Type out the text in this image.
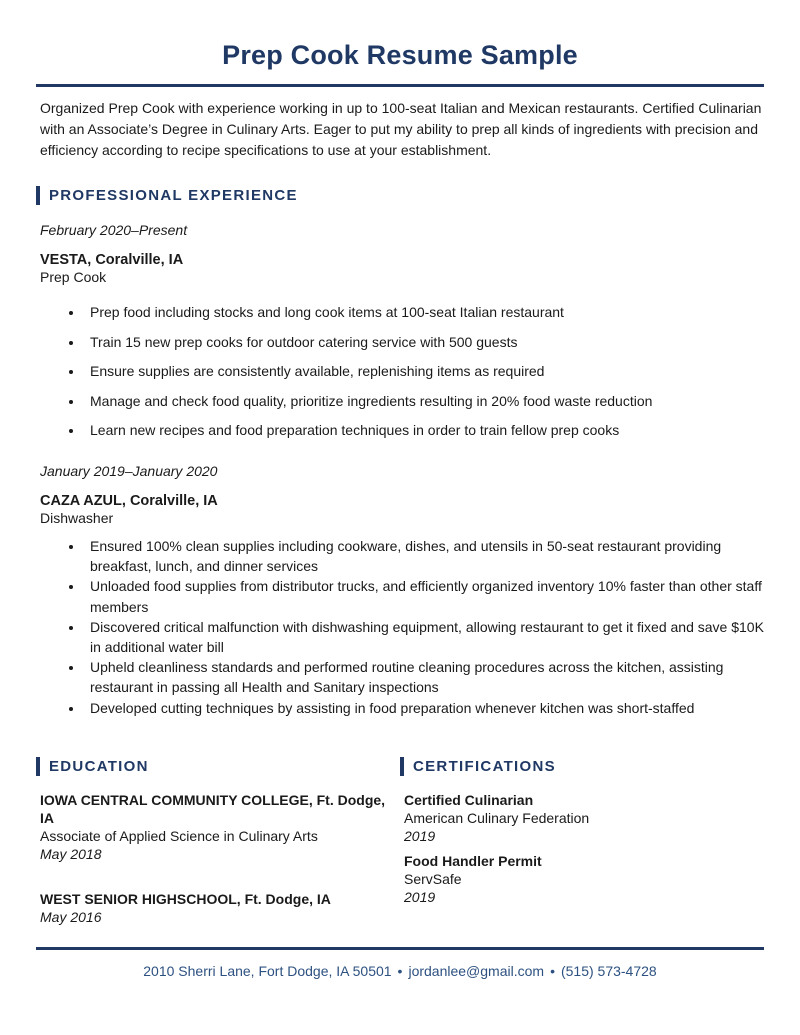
Prep Cook Resume Sample

Organized Prep Cook with experience working in up to 100-seat Italian and Mexican restaurants. Certified Culinarian with an Associate’s Degree in Culinary Arts. Eager to put my ability to prep all kinds of ingredients with precision and efficiency according to recipe specifications to use at your establishment.

PROFESSIONAL EXPERIENCE

February 2020–Present

VESTA, Coralville, IA

Prep Cook

• Prep food including stocks and long cook items at 100-seat Italian restaurant
• Train 15 new prep cooks for outdoor catering service with 500 guests
• Ensure supplies are consistently available, replenishing items as required
• Manage and check food quality, prioritize ingredients resulting in 20% food waste reduction
• Learn new recipes and food preparation techniques in order to train fellow prep cooks

January 2019–January 2020

CAZA AZUL, Coralville, IA

Dishwasher

• Ensured 100% clean supplies including cookware, dishes, and utensils in 50-seat restaurant providing breakfast, lunch, and dinner services
• Unloaded food supplies from distributor trucks, and efficiently organized inventory 10% faster than other staff members
• Discovered critical malfunction with dishwashing equipment, allowing restaurant to get it fixed and save $10K in additional water bill
• Upheld cleanliness standards and performed routine cleaning procedures across the kitchen, assisting restaurant in passing all Health and Sanitary inspections
• Developed cutting techniques by assisting in food preparation whenever kitchen was short-staffed
EDUCATION

IOWA CENTRAL COMMUNITY COLLEGE, Ft. Dodge, IA

Associate of Applied Science in Culinary Arts

May 2018

WEST SENIOR HIGHSCHOOL, Ft. Dodge, IA

May 2016

CERTIFICATIONS

Certified Culinarian

American Culinary Federation

2019

Food Handler Permit

ServSafe

2019

2010 Sherri Lane, Fort Dodge, IA 50501 • jordanlee@gmail.com • (515) 573-4728
